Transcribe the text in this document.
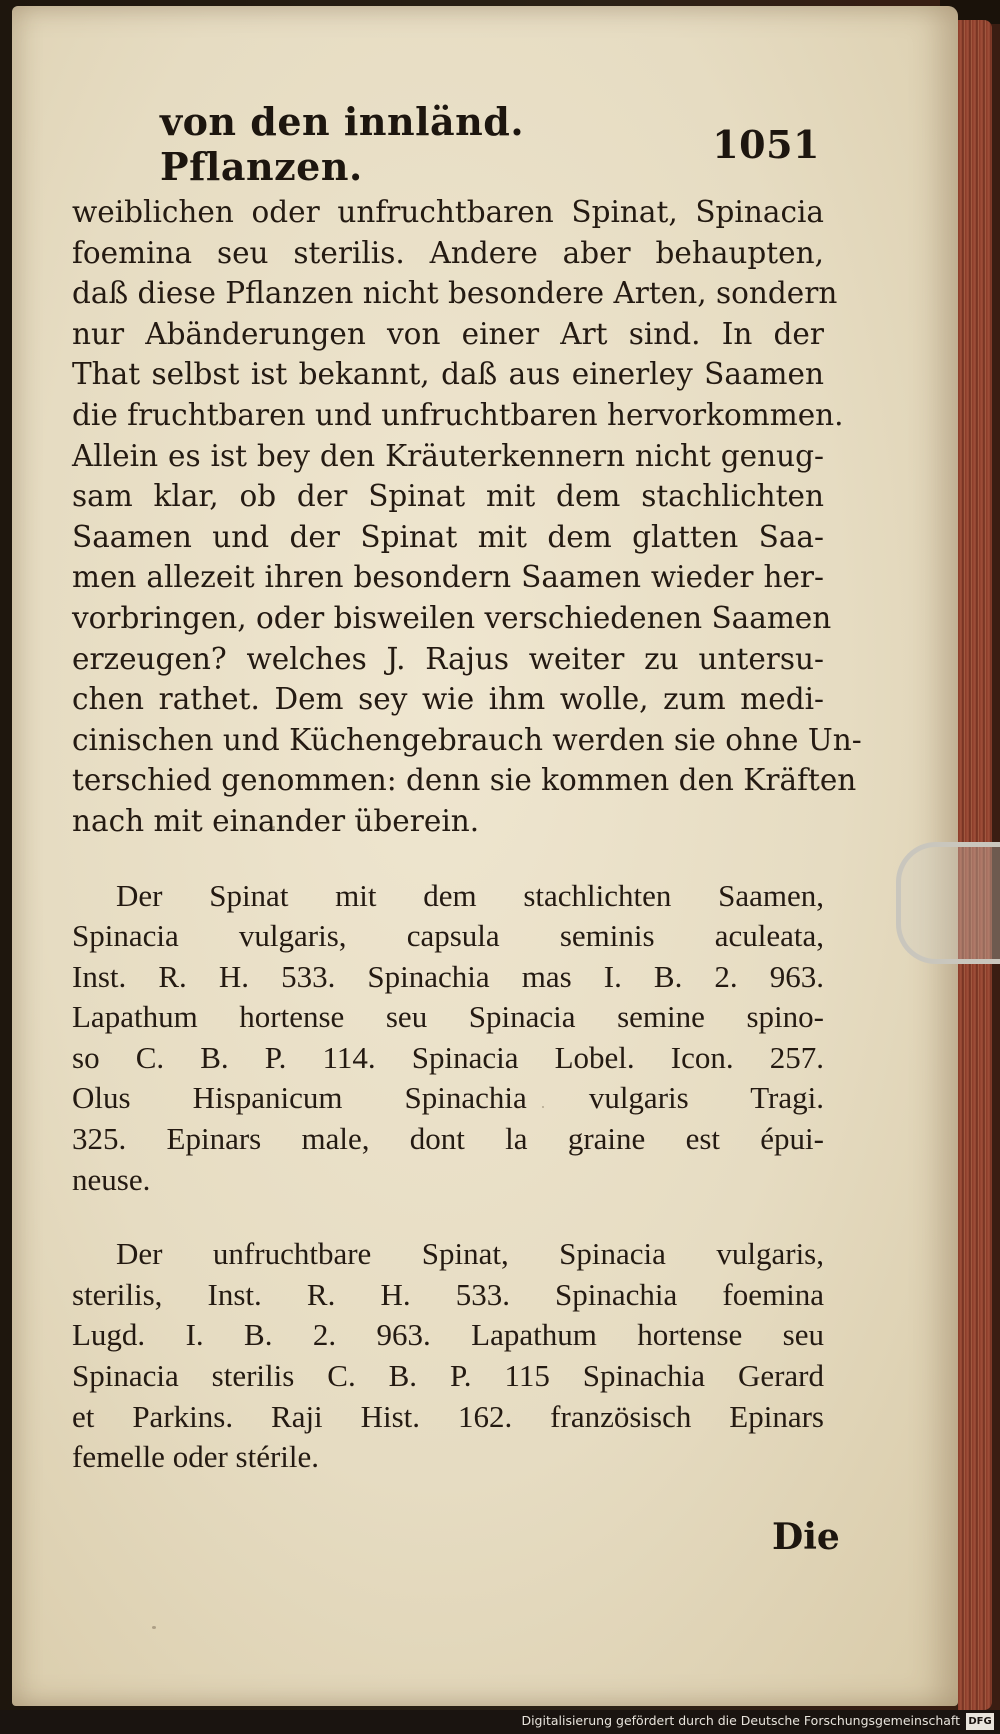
von den innländ. Pflanzen.	1051

weiblichen oder unfruchtbaren Spinat, Spinacia
foemina seu sterilis. Andere aber behaupten,
daß diese Pflanzen nicht besondere Arten, sondern
nur Abänderungen von einer Art sind. In der
That selbst ist bekannt, daß aus einerley Saamen
die fruchtbaren und unfruchtbaren hervorkommen.
Allein es ist bey den Kräuterkennern nicht genug-
sam klar, ob der Spinat mit dem stachlichten
Saamen und der Spinat mit dem glatten Saa-
men allezeit ihren besondern Saamen wieder her-
vorbringen, oder bisweilen verschiedenen Saamen
erzeugen? welches J. Rajus weiter zu untersu-
chen rathet. Dem sey wie ihm wolle, zum medi-
cinischen und Küchengebrauch werden sie ohne Un-
terschied genommen: denn sie kommen den Kräften
nach mit einander überein.

Der Spinat mit dem stachlichten Saamen,
Spinacia vulgaris, capsula seminis aculeata,
Inst. R. H. 533. Spinachia mas I. B. 2. 963.
Lapathum hortense seu Spinacia semine spino-
so C. B. P. 114. Spinacia Lobel. Icon. 257.
Olus Hispanicum Spinachia vulgaris Tragi.
325. Epinars male, dont la graine est épui-
neuse.

Der unfruchtbare Spinat, Spinacia vulgaris,
sterilis, Inst. R. H. 533. Spinachia foemina
Lugd. I. B. 2. 963. Lapathum hortense seu
Spinacia sterilis C. B. P. 115 Spinachia Gerard
et Parkins. Raji Hist. 162. französisch Epinars
femelle oder stérile.

Die
Digitalisierung gefördert durch die Deutsche Forschungsgemeinschaft DFG
